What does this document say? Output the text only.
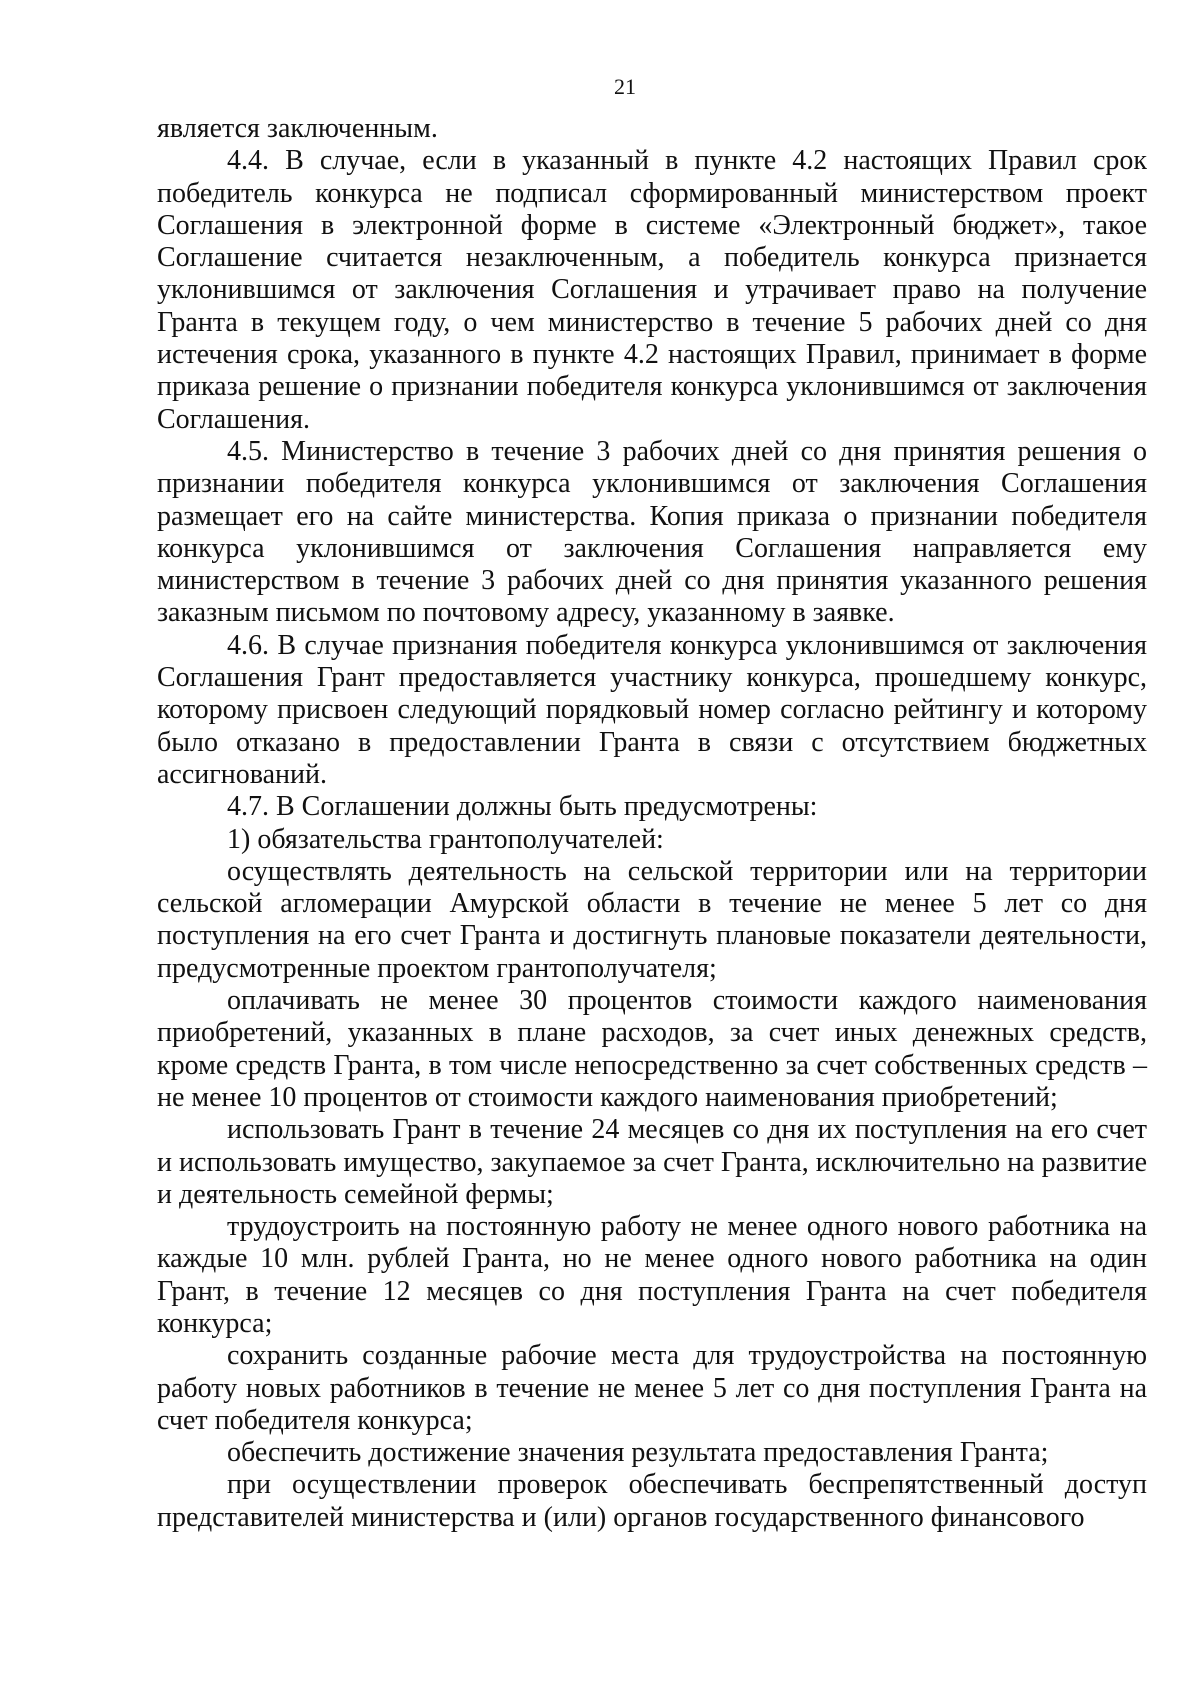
21

является заключенным.

4.4. В случае, если в указанный в пункте 4.2 настоящих Правил срок победитель конкурса не подписал сформированный министерством проект Соглашения в электронной форме в системе «Электронный бюджет», такое Соглашение считается незаключенным, а победитель конкурса признается уклонившимся от заключения Соглашения и утрачивает право на получение Гранта в текущем году, о чем министерство в течение 5 рабочих дней со дня истечения срока, указанного в пункте 4.2 настоящих Правил, принимает в форме приказа решение о признании победителя конкурса уклонившимся от заключения Соглашения.

4.5. Министерство в течение 3 рабочих дней со дня принятия решения о признании победителя конкурса уклонившимся от заключения Соглашения размещает его на сайте министерства. Копия приказа о признании победителя конкурса уклонившимся от заключения Соглашения направляется ему министерством в течение 3 рабочих дней со дня принятия указанного решения заказным письмом по почтовому адресу, указанному в заявке.

4.6. В случае признания победителя конкурса уклонившимся от заключения Соглашения Грант предоставляется участнику конкурса, прошедшему конкурс, которому присвоен следующий порядковый номер согласно рейтингу и которому было отказано в предоставлении Гранта в связи с отсутствием бюджетных ассигнований.

4.7. В Соглашении должны быть предусмотрены:

1) обязательства грантополучателей:

осуществлять деятельность на сельской территории или на территории сельской агломерации Амурской области в течение не менее 5 лет со дня поступления на его счет Гранта и достигнуть плановые показатели деятельности, предусмотренные проектом грантополучателя;

оплачивать не менее 30 процентов стоимости каждого наименования приобретений, указанных в плане расходов, за счет иных денежных средств, кроме средств Гранта, в том числе непосредственно за счет собственных средств – не менее 10 процентов от стоимости каждого наименования приобретений;

использовать Грант в течение 24 месяцев со дня их поступления на его счет и использовать имущество, закупаемое за счет Гранта, исключительно на развитие и деятельность семейной фермы;

трудоустроить на постоянную работу не менее одного нового работника на каждые 10 млн. рублей Гранта, но не менее одного нового работника на один Грант, в течение 12 месяцев со дня поступления Гранта на счет победителя конкурса;

сохранить созданные рабочие места для трудоустройства на постоянную работу новых работников в течение не менее 5 лет со дня поступления Гранта на счет победителя конкурса;

обеспечить достижение значения результата предоставления Гранта;

при осуществлении проверок обеспечивать беспрепятственный доступ представителей министерства и (или) органов государственного финансового
